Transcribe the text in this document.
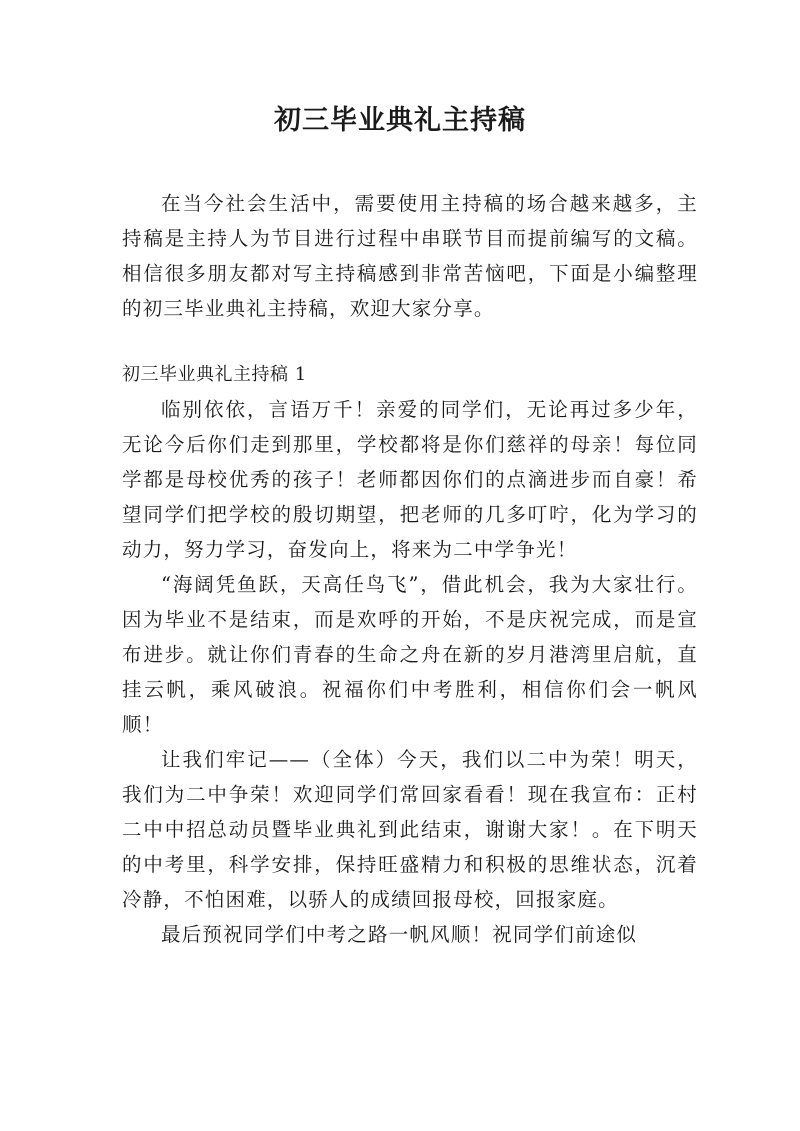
初三毕业典礼主持稿

在当今社会生活中，需要使用主持稿的场合越来越多，主持稿是主持人为节目进行过程中串联节目而提前编写的文稿。相信很多朋友都对写主持稿感到非常苦恼吧，下面是小编整理的初三毕业典礼主持稿，欢迎大家分享。

初三毕业典礼主持稿 1

临别依依，言语万千！亲爱的同学们，无论再过多少年，无论今后你们走到那里，学校都将是你们慈祥的母亲！每位同学都是母校优秀的孩子！老师都因你们的点滴进步而自豪！希望同学们把学校的殷切期望，把老师的几多叮咛，化为学习的动力，努力学习，奋发向上，将来为二中学争光！

“海阔凭鱼跃，天高任鸟飞”，借此机会，我为大家壮行。因为毕业不是结束，而是欢呼的开始，不是庆祝完成，而是宣布进步。就让你们青春的生命之舟在新的岁月港湾里启航，直挂云帆，乘风破浪。祝福你们中考胜利，相信你们会一帆风顺！

让我们牢记——（全体）今天，我们以二中为荣！明天，我们为二中争荣！欢迎同学们常回家看看！现在我宣布：正村二中中招总动员暨毕业典礼到此结束，谢谢大家！。在下明天的中考里，科学安排，保持旺盛精力和积极的思维状态，沉着冷静，不怕困难，以骄人的成绩回报母校，回报家庭。

最后预祝同学们中考之路一帆风顺！祝同学们前途似
